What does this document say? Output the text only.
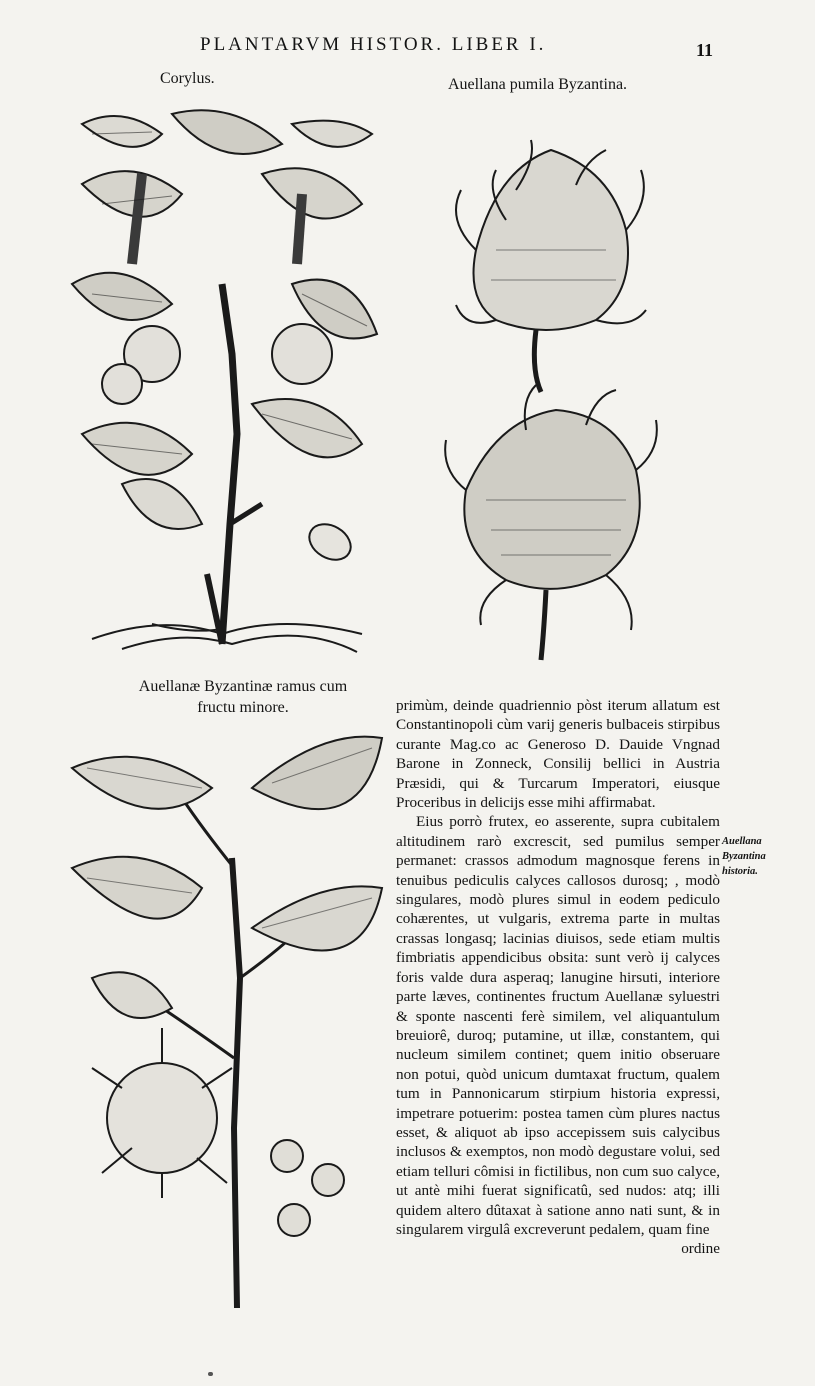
PLANTARVM HISTOR. LIBER I.	11
Corylus.	Auellana pumila Byzantina.
Auellanæ Byzantinæ ramus cum
fructu minore.	primùm, deinde quadriennio pòst iterum allatum est Constantinopoli cùm varij generis bulbaceis stirpibus curante Mag.co ac Generoso D. Dauide Vngnad Barone in Zonneck, Consilij bellici in Austria Præsidi, qui & Turcarum Imperatori, eiusque Proceribus in delicijs esse mihi affirmabat.

Eius porrò frutex, eo asserente, supra cubitalem altitudinem rarò excrescit, sed pumilus semper permanet: crassos admodum magnosque ferens in tenuibus pediculis calyces callosos durosq; , modò singulares, modò plures simul in eodem pediculo cohærentes, ut vulgaris, extrema parte in multas crassas longasq; lacinias diuisos, sede etiam multis fimbriatis appendicibus obsita: sunt verò ij calyces foris valde dura asperaq; lanugine hirsuti, interiore parte læves, continentes fructum Auellanæ syluestri & sponte nascenti ferè similem, vel aliquantulum breuiorê, duroq; putamine, ut illæ, constantem, qui nucleum similem continet; quem initio obseruare non potui, quòd unicum dumtaxat fructum, qualem tum in Pannonicarum stirpium historia expressi, impetrare potuerim: postea tamen cùm plures nactus esset, & aliquot ab ipso accepissem suis calycibus inclusos & exemptos, non modò degustare volui, sed etiam telluri cômisi in fictilibus, non cum suo calyce, ut antè mihi fuerat significatû, sed nudos: atq; illi quidem altero dûtaxat à satione anno nati sunt, & in singularem virgulâ excreverunt pedalem, quam fine

ordine

Auellana
Byzantina
historia.
